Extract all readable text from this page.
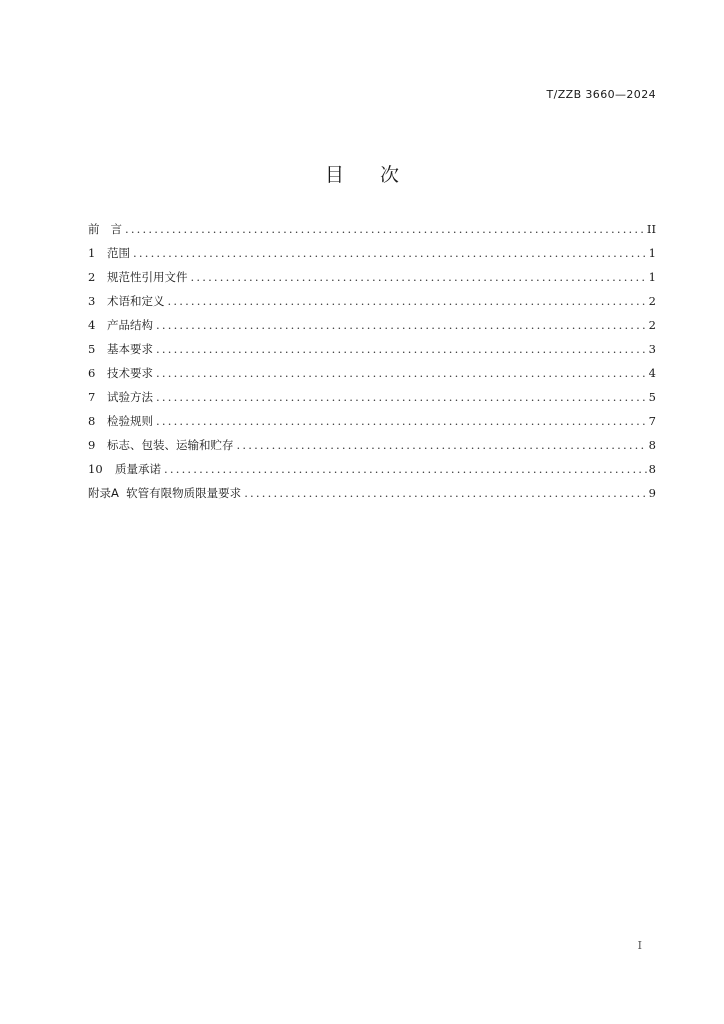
T/ZZB 3660—2024
目 次
前   言 .....	II
1	范围 .....	1
2	规范性引用文件 .....	1
3	术语和定义 .....	2
4	产品结构 .....	2
5	基本要求 .....	3
6	技术要求 .....	4
7	试验方法 .....	5
8	检验规则 .....	7
9	标志、包装、运输和贮存 .....	8
10	质量承诺 .....	8
附录A  软管有限物质限量要求 .....	9
I
